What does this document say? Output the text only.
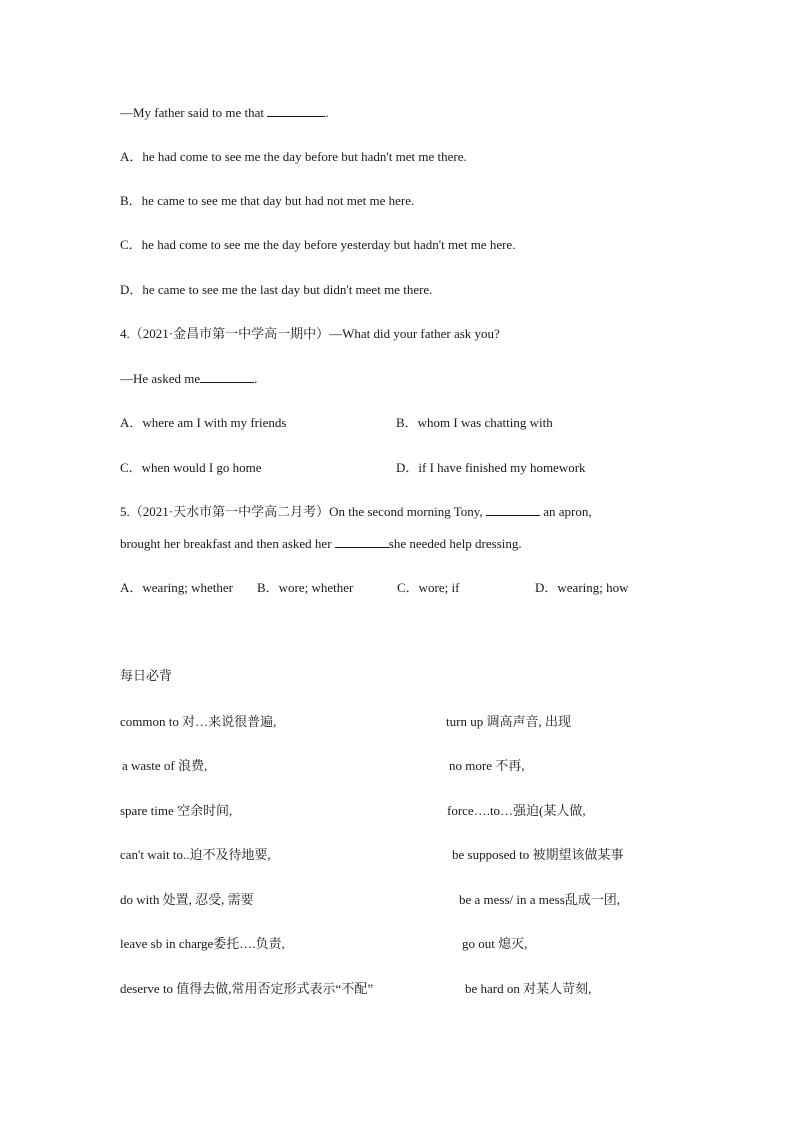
—My father said to me that	.
A．he had come to see me the day before but hadn't met me there.
B．he came to see me that day but had not met me here.
C．he had come to see me the day before yesterday but hadn't met me here.
D．he came to see me the last day but didn't meet me there.
4.（2021·金昌市第一中学高一期中）—What did your father ask you?
—He asked me	.
A．where am I with my friends	B．whom I was chatting with
C．when would I go home	D．if I have finished my homework
5.（2021·天水市第一中学高二月考）On the second morning Tony,	an apron,
brought her breakfast and then asked her	she needed help dressing.
A．wearing; whether B．wore; whether	C．wore; if	D．wearing; how
每日必背
common to 对…来说很普遍,	turn up 调高声音, 出现
a waste of 浪费,	no more 不再,
spare time 空余时间,	force….to…强迫(某人做,
can't wait to..迫不及待地要,	be supposed to 被期望该做某事
do with 处置, 忍受, 需要	be a mess/ in a mess乱成一团,
leave sb in charge委托….负责,	go out 熄灭,
deserve to 值得去做,常用否定形式表示“不配”	be hard on 对某人苛刻,
